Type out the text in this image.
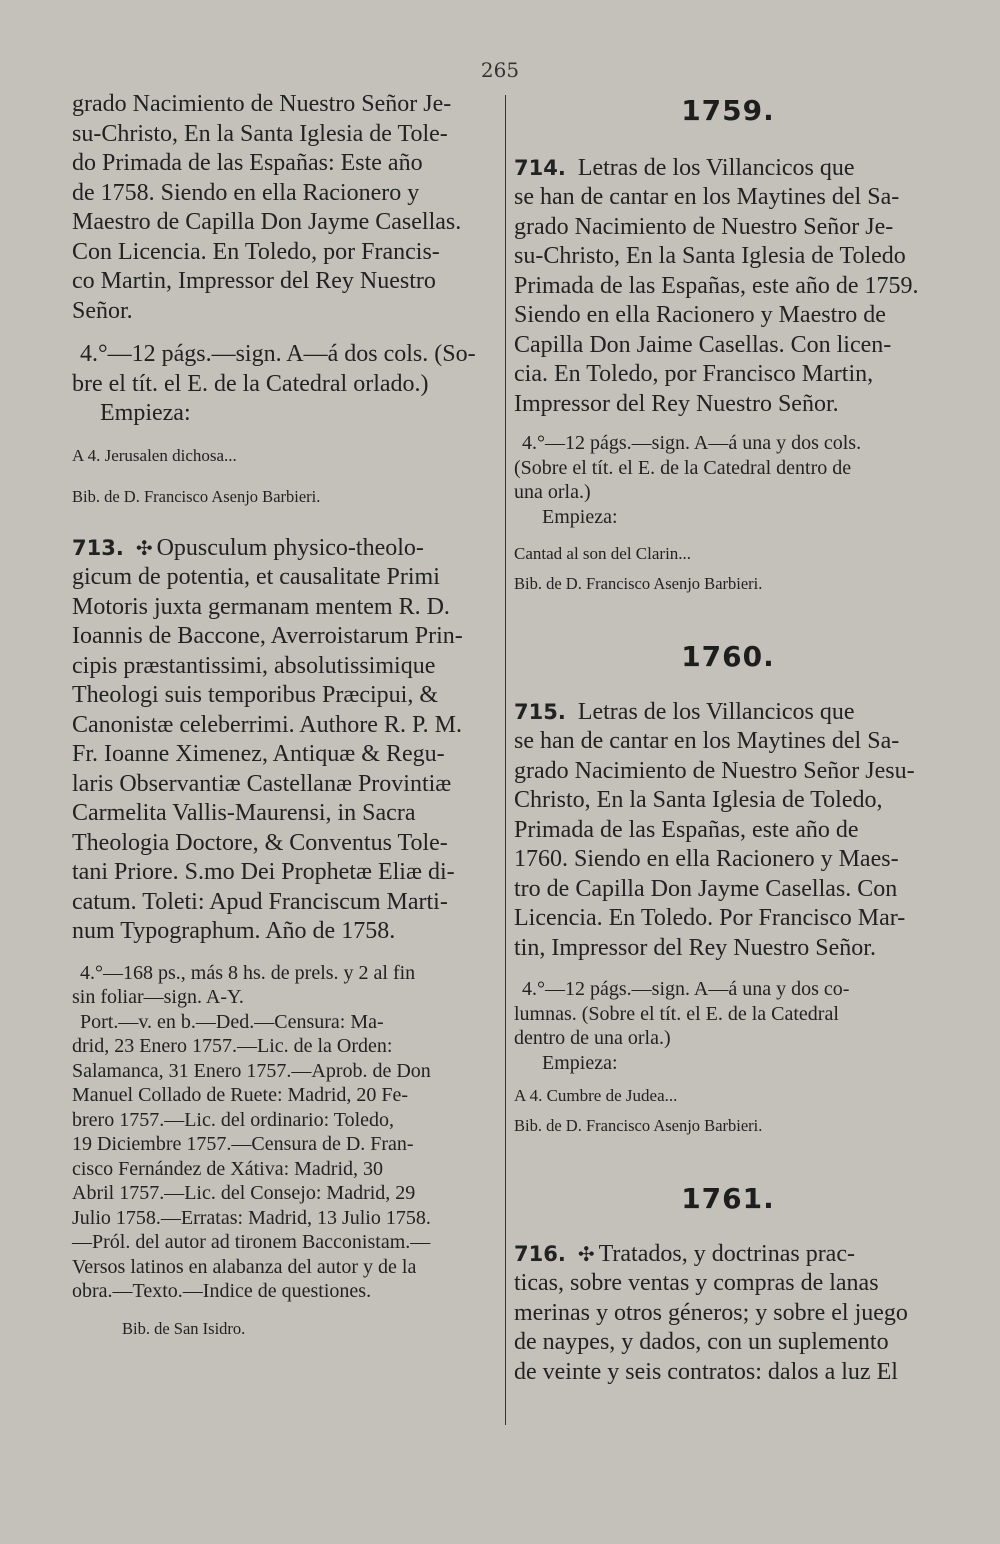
265

grado Nacimiento de Nuestro Señor Je-

su-Christo, En la Santa Iglesia de Tole-

do Primada de las Españas: Este año

de 1758. Siendo en ella Racionero y

Maestro de Capilla Don Jayme Casellas.

Con Licencia. En Toledo, por Francis-

co Martin, Impressor del Rey Nuestro

Señor.

4.°—12 págs.—sign. A—á dos cols. (So-

bre el tít. el E. de la Catedral orlado.)

Empieza:

A 4. Jerusalen dichosa...

Bib. de D. Francisco Asenjo Barbieri.

713. ✣ Opusculum physico-theolo-

gicum de potentia, et causalitate Primi

Motoris juxta germanam mentem R. D.

Ioannis de Baccone, Averroistarum Prin-

cipis præstantissimi, absolutissimique

Theologi suis temporibus Præcipui, &

Canonistæ celeberrimi. Authore R. P. M.

Fr. Ioanne Ximenez, Antiquæ & Regu-

laris Observantiæ Castellanæ Provintiæ

Carmelita Vallis-Maurensi, in Sacra

Theologia Doctore, & Conventus Tole-

tani Priore. S.mo Dei Prophetæ Eliæ di-

catum. Toleti: Apud Franciscum Marti-

num Typographum. Año de 1758.

4.°—168 ps., más 8 hs. de prels. y 2 al fin

sin foliar—sign. A-Y.

Port.—v. en b.—Ded.—Censura: Ma-

drid, 23 Enero 1757.—Lic. de la Orden:

Salamanca, 31 Enero 1757.—Aprob. de Don

Manuel Collado de Ruete: Madrid, 20 Fe-

brero 1757.—Lic. del ordinario: Toledo,

19 Diciembre 1757.—Censura de D. Fran-

cisco Fernández de Xátiva: Madrid, 30

Abril 1757.—Lic. del Consejo: Madrid, 29

Julio 1758.—Erratas: Madrid, 13 Julio 1758.

—Pról. del autor ad tironem Bacconistam.—

Versos latinos en alabanza del autor y de la

obra.—Texto.—Indice de questiones.

Bib. de San Isidro.

1759.

714. Letras de los Villancicos que

se han de cantar en los Maytines del Sa-

grado Nacimiento de Nuestro Señor Je-

su-Christo, En la Santa Iglesia de Toledo

Primada de las Españas, este año de 1759.

Siendo en ella Racionero y Maestro de

Capilla Don Jaime Casellas. Con licen-

cia. En Toledo, por Francisco Martin,

Impressor del Rey Nuestro Señor.

4.°—12 págs.—sign. A—á una y dos cols.

(Sobre el tít. el E. de la Catedral dentro de

una orla.)

Empieza:

Cantad al son del Clarin...

Bib. de D. Francisco Asenjo Barbieri.

1760.

715. Letras de los Villancicos que

se han de cantar en los Maytines del Sa-

grado Nacimiento de Nuestro Señor Jesu-

Christo, En la Santa Iglesia de Toledo,

Primada de las Españas, este año de

1760. Siendo en ella Racionero y Maes-

tro de Capilla Don Jayme Casellas. Con

Licencia. En Toledo. Por Francisco Mar-

tin, Impressor del Rey Nuestro Señor.

4.°—12 págs.—sign. A—á una y dos co-

lumnas. (Sobre el tít. el E. de la Catedral

dentro de una orla.)

Empieza:

A 4. Cumbre de Judea...

Bib. de D. Francisco Asenjo Barbieri.

1761.

716. ✣ Tratados, y doctrinas prac-

ticas, sobre ventas y compras de lanas

merinas y otros géneros; y sobre el juego

de naypes, y dados, con un suplemento

de veinte y seis contratos: dalos a luz El
